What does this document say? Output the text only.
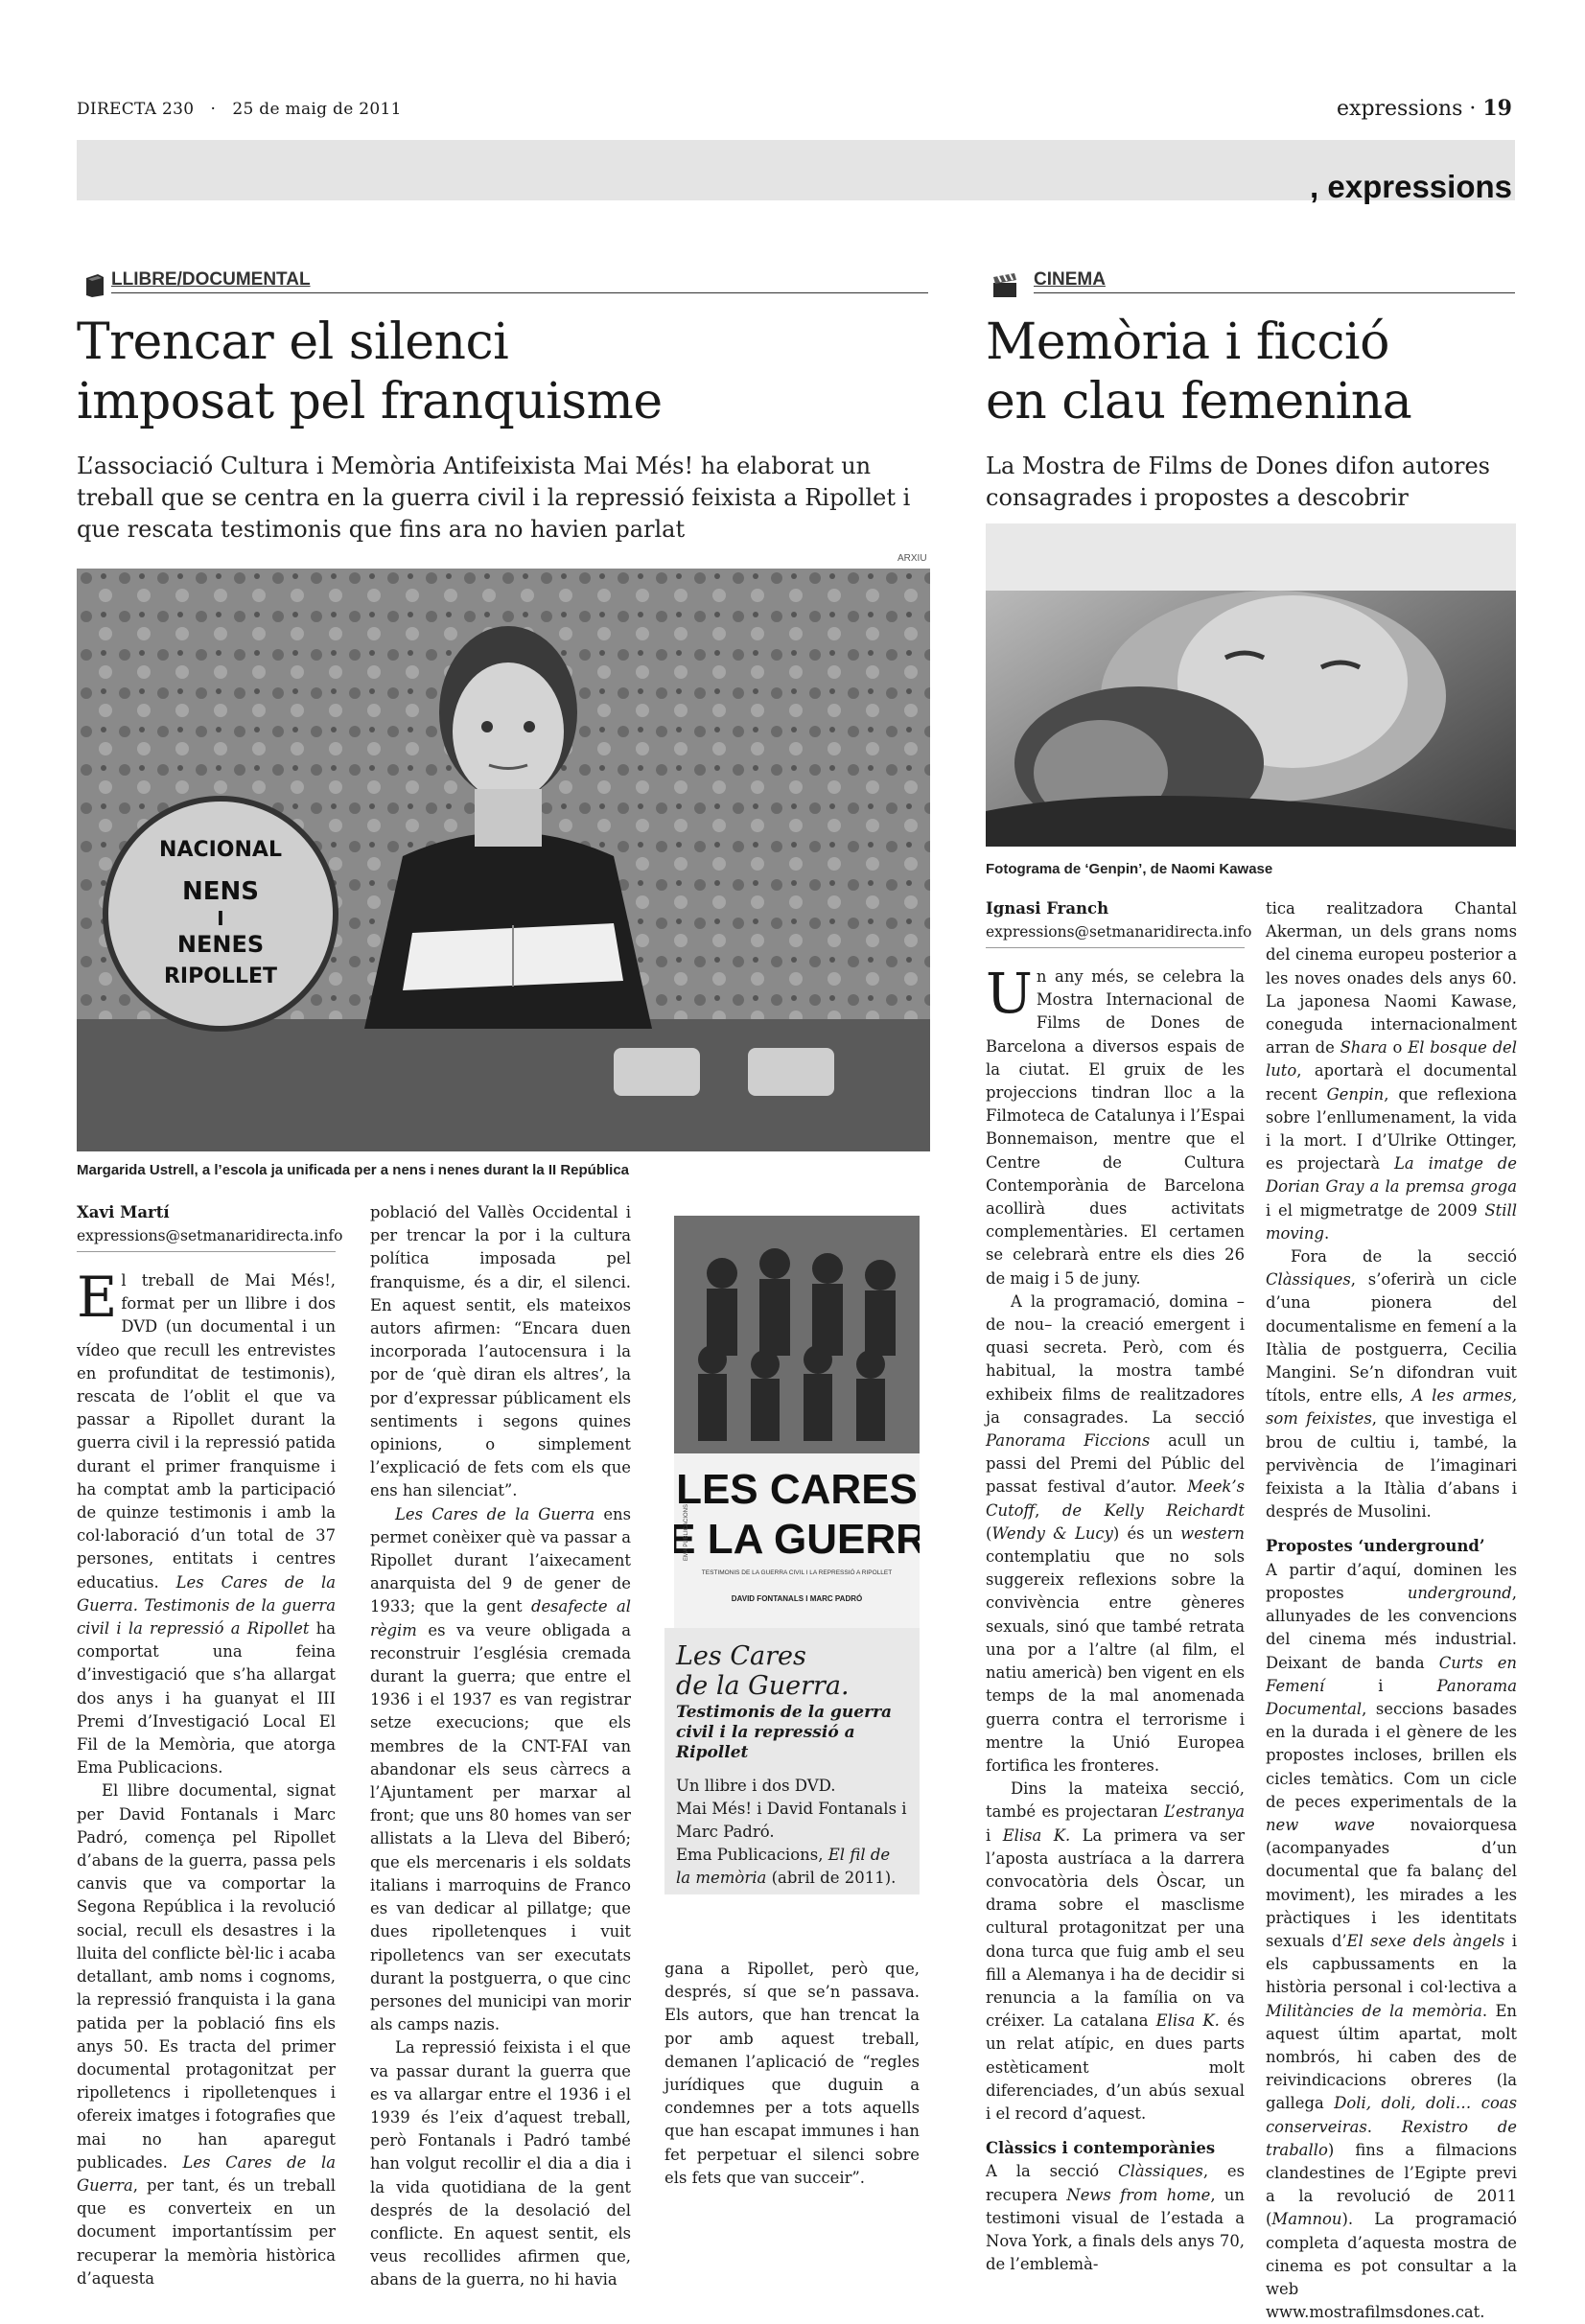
DIRECTA 230 · 25 de maig de 2011	expressions · 19
, expressions
LLIBRE/DOCUMENTAL
Trencar el silenci
imposat pel franquisme
L’associació Cultura i Memòria Antifeixista Mai Més! ha elaborat un treball que se centra en la guerra civil i la repressió feixista a Ripollet i que rescata testimonis que fins ara no havien parlat
ARXIU
NACIONAL
NENS
I
NENES
RIPOLLET
Margarida Ustrell, a l’escola ja unificada per a nens i nenes durant la II República
Xavi Martí
expressions@setmanaridirecta.info

El treball de Mai Més!, format per un llibre i dos DVD (un documental i un vídeo que recull les entrevistes en profunditat de testimonis), rescata de l’oblit el que va passar a Ripollet durant la guerra civil i la repressió patida durant el primer franquisme i ha comptat amb la participació de quinze testimonis i amb la col·laboració d’un total de 37 persones, entitats i centres educatius. Les Cares de la Guerra. Testimonis de la guerra civil i la repressió a Ripollet ha comportat una feina d’investigació que s’ha allargat dos anys i ha guanyat el III Premi d’Investigació Local El Fil de la Memòria, que atorga Ema Publicacions.

El llibre documental, signat per David Fontanals i Marc Padró, comença pel Ripollet d’abans de la guerra, passa pels canvis que va comportar la Segona República i la revolució social, recull els desastres i la lluita del conflicte bèl·lic i acaba detallant, amb noms i cognoms, la repressió franquista i la gana patida per la població fins els anys 50. Es tracta del primer documental protagonitzat per ripolletencs i ripolletenques i ofereix imatges i fotografies que mai no han aparegut publicades. Les Cares de la Guerra, per tant, és un treball que es converteix en un document importantíssim per recuperar la memòria històrica d’aquesta

població del Vallès Occidental i per trencar la por i la cultura política imposada pel franquisme, és a dir, el silenci. En aquest sentit, els mateixos autors afirmen: “Encara duen incorporada l’autocensura i la por de ‘què diran els altres’, la por d’expressar públicament els sentiments i segons quines opinions, o simplement l’explicació de fets com els que ens han silenciat”.

Les Cares de la Guerra ens permet conèixer què va passar a Ripollet durant l’aixecament anarquista del 9 de gener de 1933; que la gent desafecte al règim es va veure obligada a reconstruir l’església cremada durant la guerra; que entre el 1936 i el 1937 es van registrar setze execucions; que els membres de la CNT-FAI van abandonar els seus càrrecs a l’Ajuntament per marxar al front; que uns 80 homes van ser allistats a la Lleva del Biberó; que els mercenaris i els soldats italians i marroquins de Franco es van dedicar al pillatge; que dues ripolletenques i vuit ripolletencs van ser executats durant la postguerra, o que cinc persones del municipi van morir als camps nazis.

La repressió feixista i el que va passar durant la guerra que es va allargar entre el 1936 i el 1939 és l’eix d’aquest treball, però Fontanals i Padró també han volgut recollir el dia a dia i la vida quotidiana de la gent després de la desolació del conflicte. En aquest sentit, els veus recollides afirmen que, abans de la guerra, no hi havia

LES CARES
E LA GUERR
TESTIMONIS DE LA GUERRA CIVIL I LA REPRESSIÓ A RIPOLLET
DAVID FONTANALS I MARC PADRÓ
EMA PUBLICACIONS
Les Cares
de la Guerra.
Testimonis de la guerra civil i la repressió a Ripollet
Un llibre i dos DVD.
Mai Més! i David Fontanals i Marc Padró.
Ema Publicacions, El fil de la memòria (abril de 2011).

gana a Ripollet, però que, després, sí que se’n passava. Els autors, que han trencat la por amb aquest treball, demanen l’aplicació de “regles jurídiques que duguin a condemnes per a tots aquells que han escapat immunes i han fet perpetuar el silenci sobre els fets que van succeir”.

CINEMA
Memòria i ficció
en clau femenina
La Mostra de Films de Dones difon autores consagrades i propostes a descobrir
Fotograma de ‘Genpin’, de Naomi Kawase
Ignasi Franch
expressions@setmanaridirecta.info

Un any més, se celebra la Mostra Internacional de Films de Dones de Barcelona a diversos espais de la ciutat. El gruix de les projeccions tindran lloc a la Filmoteca de Catalunya i l’Espai Bonnemaison, mentre que el Centre de Cultura Contemporània de Barcelona acollirà dues activitats complementàries. El certamen se celebrarà entre els dies 26 de maig i 5 de juny.

A la programació, domina –de nou– la creació emergent i quasi secreta. Però, com és habitual, la mostra també exhibeix films de realitzadores ja consagrades. La secció Panorama Ficcions acull un passi del Premi del Públic del passat festival d’autor. Meek’s Cutoff, de Kelly Reichardt (Wendy & Lucy) és un western contemplatiu que no sols suggereix reflexions sobre la convivència entre gèneres sexuals, sinó que també retrata una por a l’altre (al film, el natiu americà) ben vigent en els temps de la mal anomenada guerra contra el terrorisme i mentre la Unió Europea fortifica les fronteres.

Dins la mateixa secció, també es projectaran L’estranya i Elisa K. La primera va ser l’aposta austríaca a la darrera convocatòria dels Òscar, un drama sobre el masclisme cultural protagonitzat per una dona turca que fuig amb el seu fill a Alemanya i ha de decidir si renuncia a la família on va créixer. La catalana Elisa K. és un relat atípic, en dues parts estèticament molt diferenciades, d’un abús sexual i el record d’aquest.

Clàssics i contemporànies

A la secció Clàssiques, es recupera News from home, un testimoni visual de l’estada a Nova York, a finals dels anys 70, de l’emblemà-

tica realitzadora Chantal Akerman, un dels grans noms del cinema europeu posterior a les noves onades dels anys 60. La japonesa Naomi Kawase, coneguda internacionalment arran de Shara o El bosque del luto, aportarà el documental recent Genpin, que reflexiona sobre l’enllumenament, la vida i la mort. I d’Ulrike Ottinger, es projectarà La imatge de Dorian Gray a la premsa groga i el migmetratge de 2009 Still moving.

Fora de la secció Clàssiques, s’oferirà un cicle d’una pionera del documentalisme en femení a la Itàlia de postguerra, Cecilia Mangini. Se’n difondran vuit títols, entre ells, A les armes, som feixistes, que investiga el brou de cultiu i, també, la pervivència de l’imaginari feixista a la Itàlia d’abans i després de Musolini.

Propostes ‘underground’

A partir d’aquí, dominen les propostes underground, allunyades de les convencions del cinema més industrial. Deixant de banda Curts en Femení i Panorama Documental, seccions basades en la durada i el gènere de les propostes incloses, brillen els cicles temàtics. Com un cicle de peces experimentals de la new wave novaiorquesa (acompanyades d’un documental que fa balanç del moviment), les mirades a les pràctiques i les identitats sexuals d’El sexe dels àngels i els capbussaments en la història personal i col·lectiva a Militàncies de la memòria. En aquest últim apartat, molt nombrós, hi caben des de reivindicacions obreres (la gallega Doli, doli, doli… coas conserveiras. Rexistro de traballo) fins a filmacions clandestines de l’Egipte previ a la revolució de 2011 (Mamnou). La programació completa d’aquesta mostra de cinema es pot consultar a la web www.mostrafilmsdones.cat.
